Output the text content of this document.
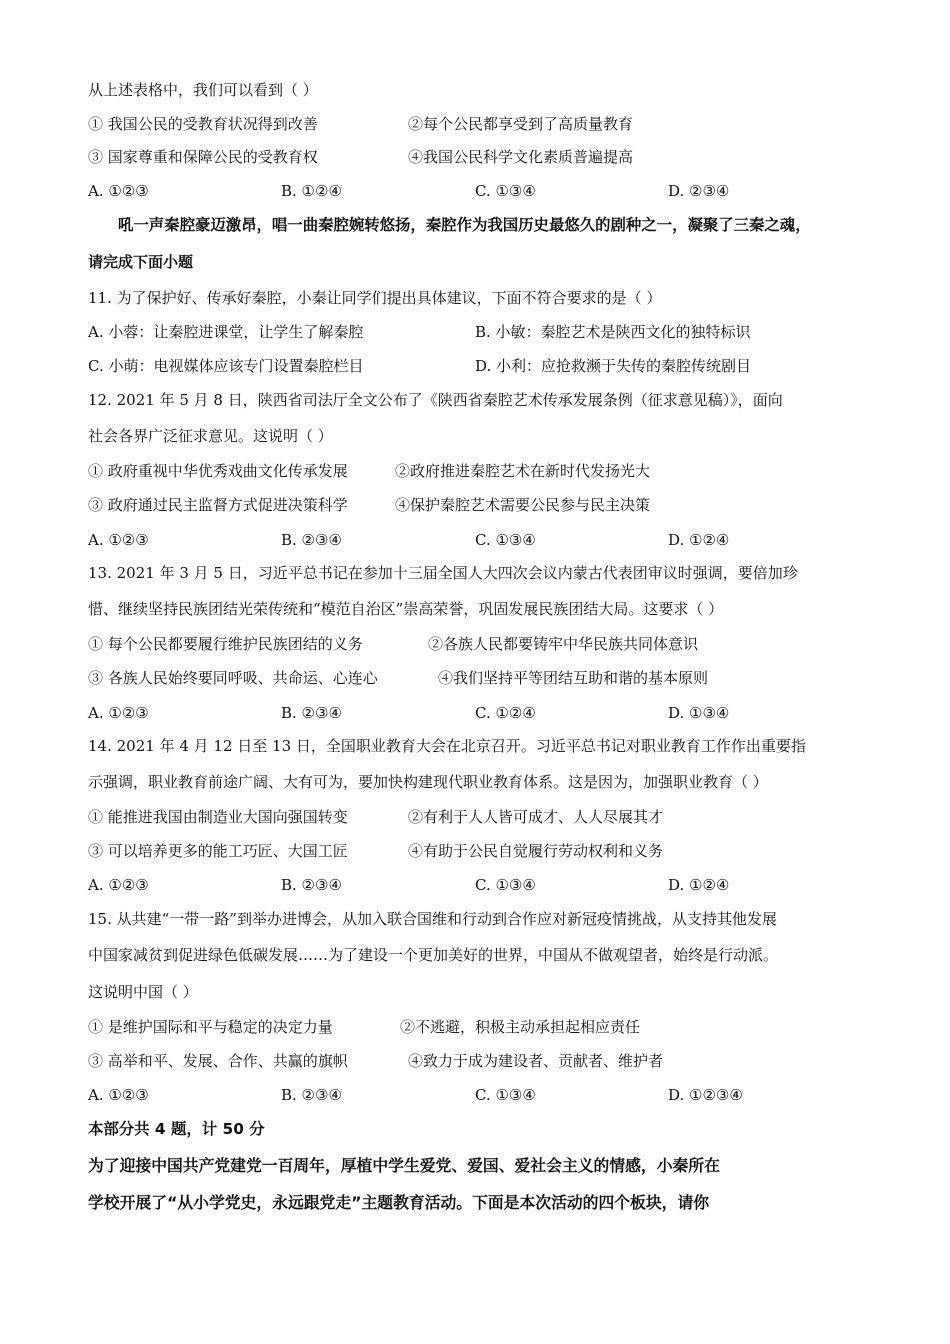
从上述表格中，我们可以看到（ ）
① 我国公民的受教育状况得到改善	②每个公民都享受到了高质量教育
③ 国家尊重和保障公民的受教育权	④我国公民科学文化素质普遍提高
A. ①②③	B. ①②④	C. ①③④	D. ②③④
吼一声秦腔豪迈激昂，唱一曲秦腔婉转悠扬，秦腔作为我国历史最悠久的剧种之一，凝聚了三秦之魂，
请完成下面小题
11. 为了保护好、传承好秦腔，小秦让同学们提出具体建议，下面不符合要求的是（ ）
A. 小蓉：让秦腔进课堂，让学生了解秦腔	B. 小敏：秦腔艺术是陕西文化的独特标识
C. 小萌：电视媒体应该专门设置秦腔栏目	D. 小利：应抢救濒于失传的秦腔传统剧目
12. 2021 年 5 月 8 日，陕西省司法厅全文公布了《陕西省秦腔艺术传承发展条例（征求意见稿）》，面向
社会各界广泛征求意见。这说明（ ）
① 政府重视中华优秀戏曲文化传承发展	②政府推进秦腔艺术在新时代发扬光大
③ 政府通过民主监督方式促进决策科学	④保护秦腔艺术需要公民参与民主决策
A. ①②③	B. ②③④	C. ①③④	D. ①②④
13. 2021 年 3 月 5 日，习近平总书记在参加十三届全国人大四次会议内蒙古代表团审议时强调，要倍加珍
惜、继续坚持民族团结光荣传统和“模范自治区”崇高荣誉，巩固发展民族团结大局。这要求（ ）
① 每个公民都要履行维护民族团结的义务	②各族人民都要铸牢中华民族共同体意识
③ 各族人民始终要同呼吸、共命运、心连心	④我们坚持平等团结互助和谐的基本原则
A. ①②③	B. ②③④	C. ①②④	D. ①③④
14. 2021 年 4 月 12 日至 13 日，全国职业教育大会在北京召开。习近平总书记对职业教育工作作出重要指
示强调，职业教育前途广阔、大有可为，要加快构建现代职业教育体系。这是因为，加强职业教育（ ）
① 能推进我国由制造业大国向强国转变	②有利于人人皆可成才、人人尽展其才
③ 可以培养更多的能工巧匠、大国工匠	④有助于公民自觉履行劳动权利和义务
A. ①②③	B. ②③④	C. ①③④	D. ①②④
15. 从共建“一带一路”到举办进博会，从加入联合国维和行动到合作应对新冠疫情挑战，从支持其他发展
中国家减贫到促进绿色低碳发展……为了建设一个更加美好的世界，中国从不做观望者，始终是行动派。
这说明中国（ ）
① 是维护国际和平与稳定的决定力量	②不逃避，积极主动承担起相应责任
③ 高举和平、发展、合作、共赢的旗帜	④致力于成为建设者、贡献者、维护者
A. ①②③	B. ②③④	C. ①③④	D. ①②③④
本部分共 4 题，计 50 分
为了迎接中国共产党建党一百周年，厚植中学生爱党、爱国、爱社会主义的情感，小秦所在
学校开展了“从小学党史，永远跟党走”主题教育活动。下面是本次活动的四个板块，请你
